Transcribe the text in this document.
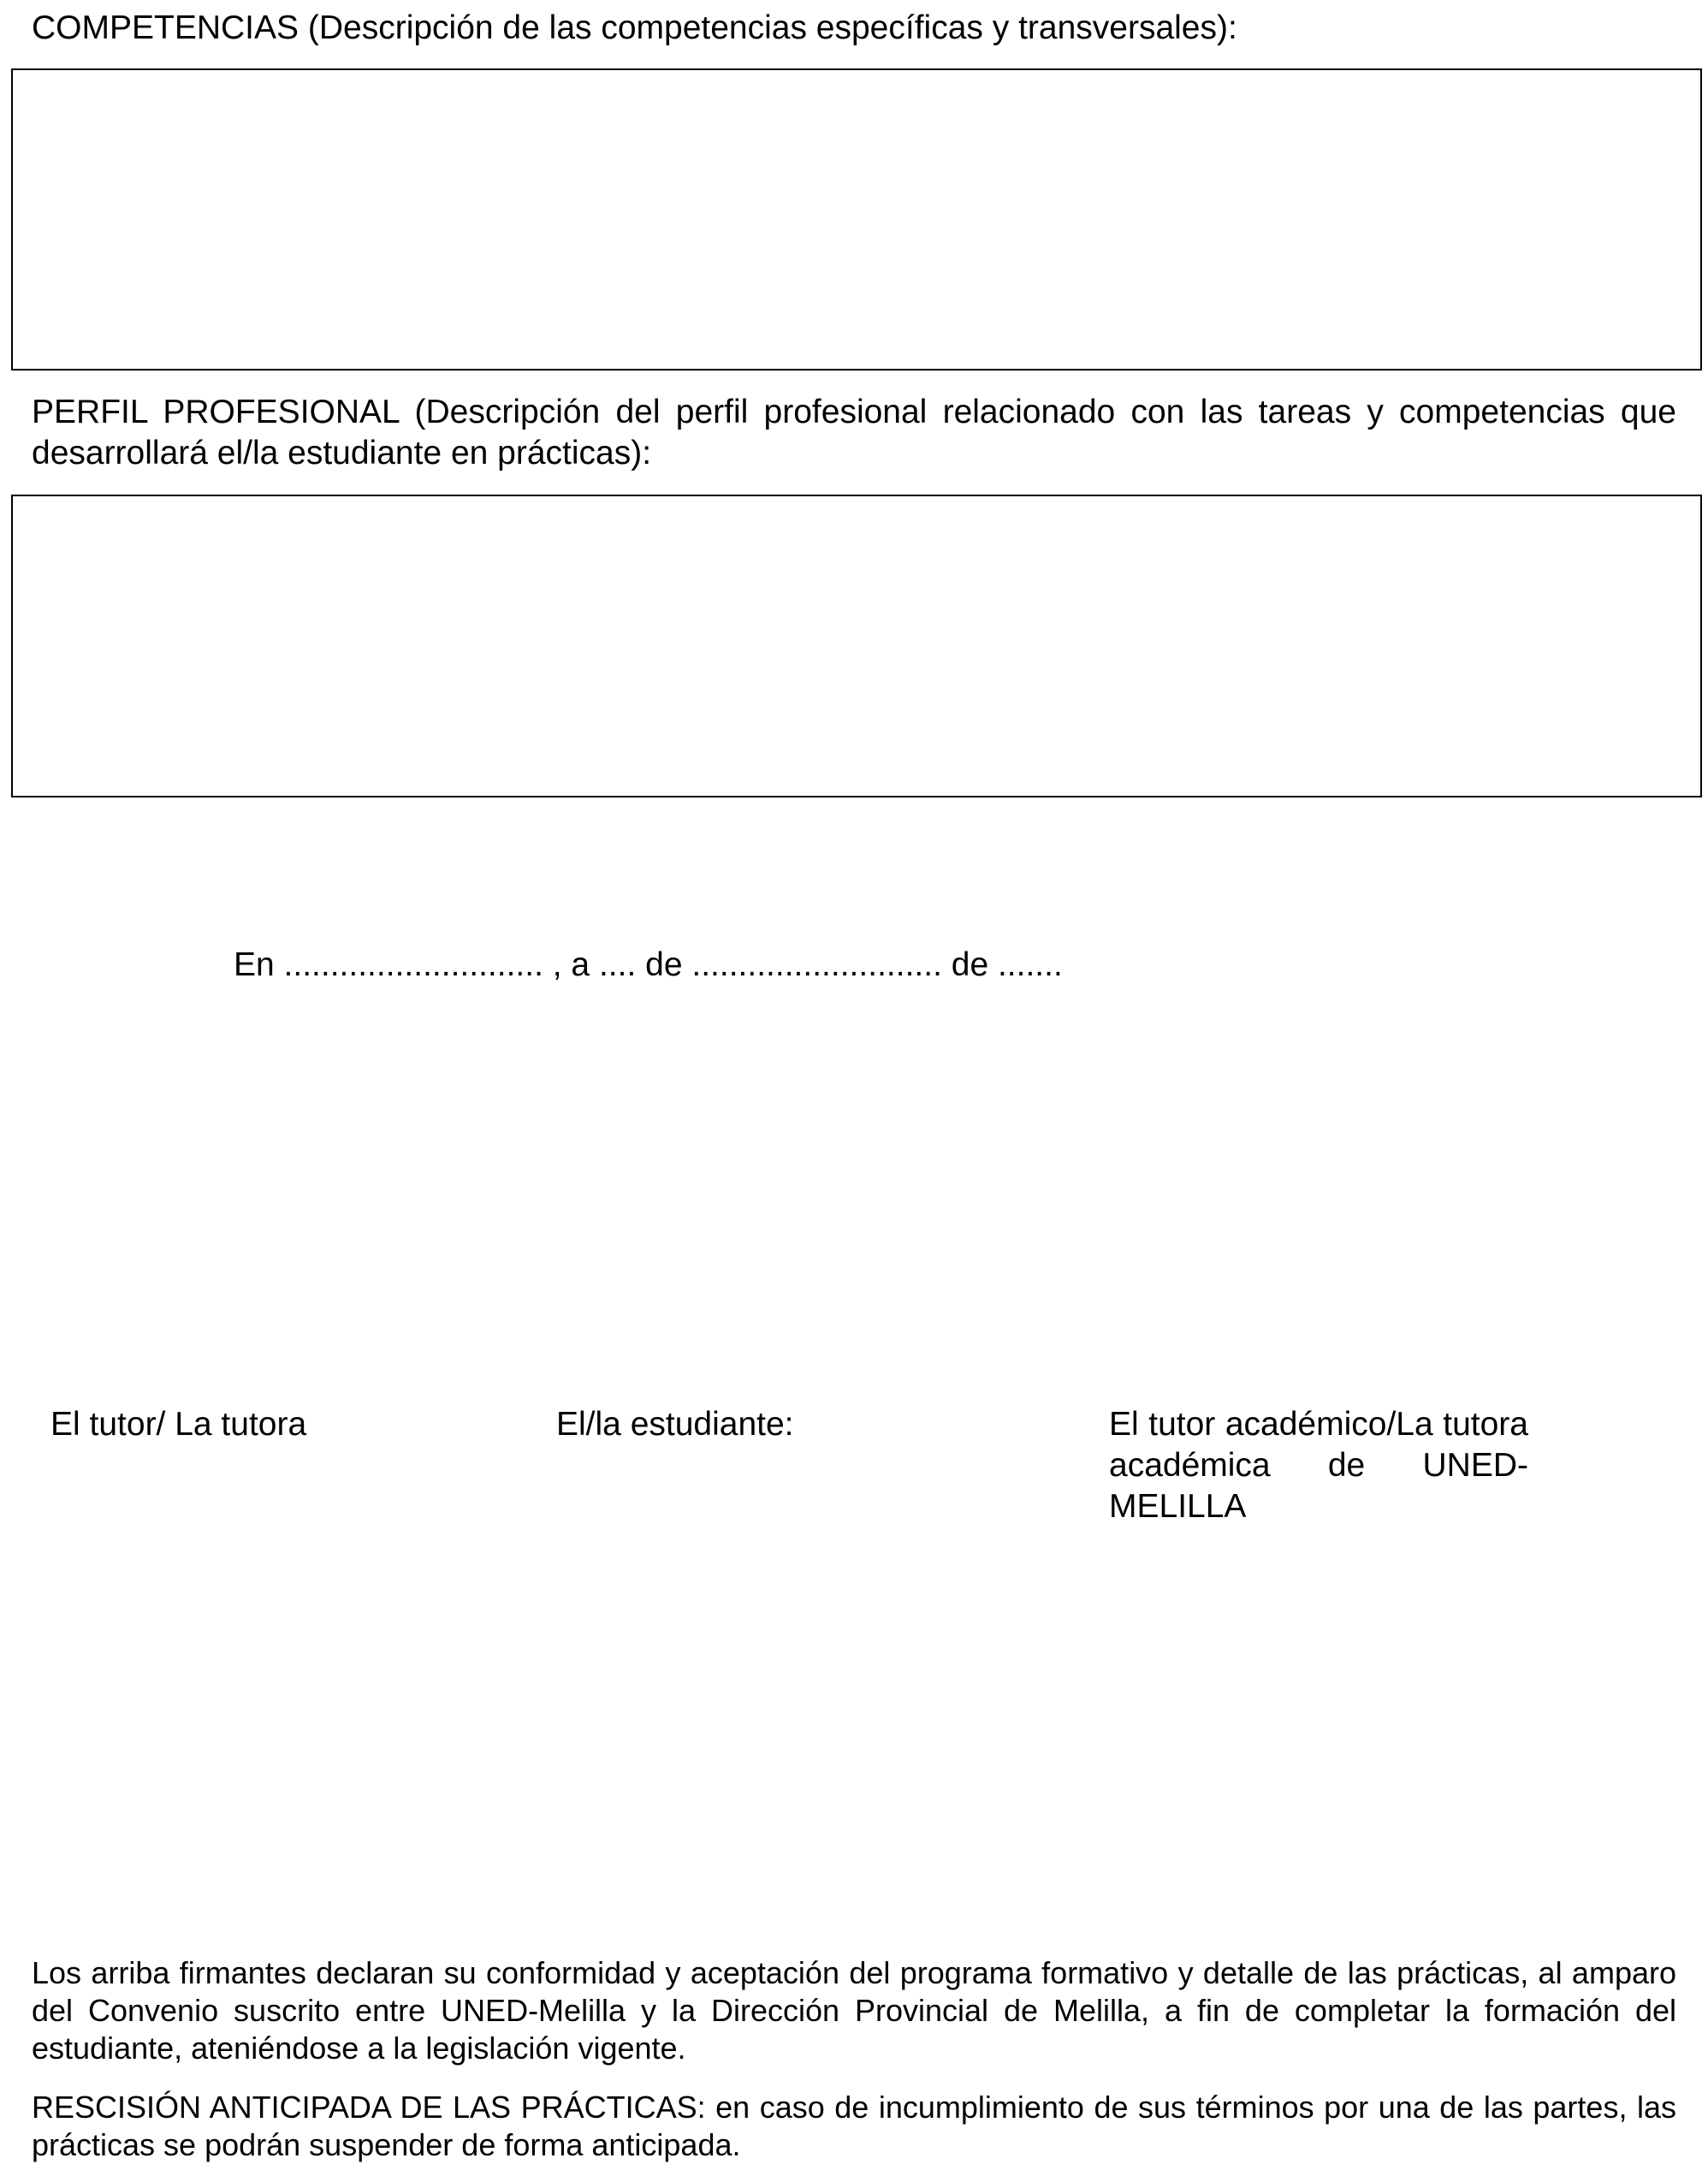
COMPETENCIAS (Descripción de las competencias específicas y transversales):
PERFIL PROFESIONAL (Descripción del perfil profesional relacionado con las tareas y competencias que desarrollará el/la estudiante en prácticas):
En ............................ , a .... de ........................... de .......
El tutor/ La tutora	El/la estudiante:	El tutor académico/La tutora académica de UNED-MELILLA
Los arriba firmantes declaran su conformidad y aceptación del programa formativo y detalle de las prácticas, al amparo del Convenio suscrito entre UNED-Melilla y la Dirección Provincial de Melilla, a fin de completar la formación del estudiante, ateniéndose a la legislación vigente.
RESCISIÓN ANTICIPADA DE LAS PRÁCTICAS: en caso de incumplimiento de sus términos por una de las partes, las prácticas se podrán suspender de forma anticipada.
